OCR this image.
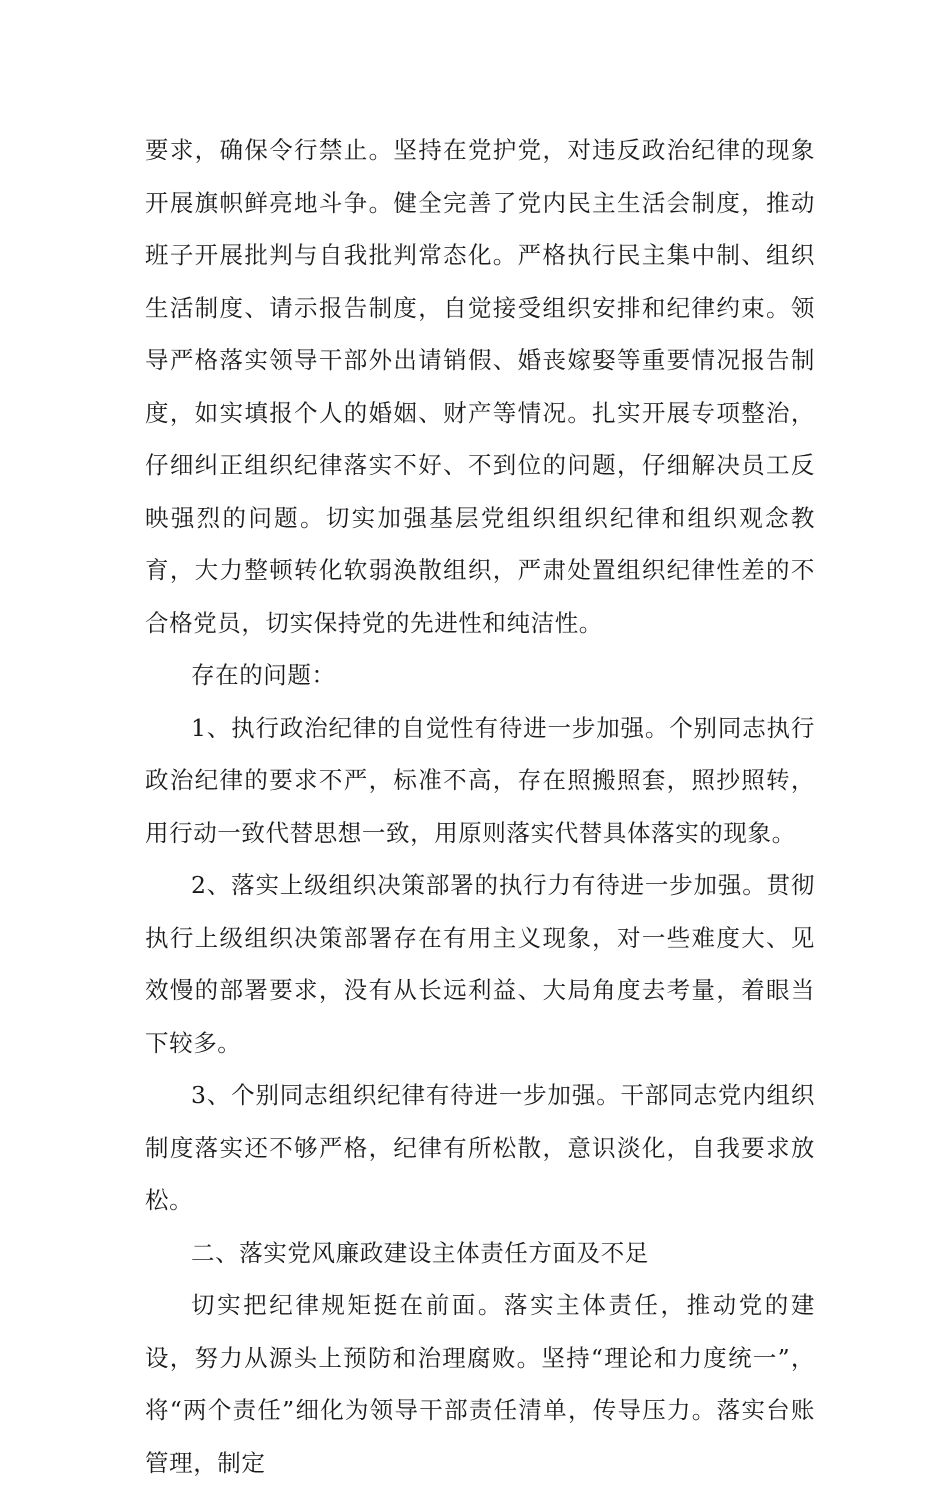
要求，确保令行禁止。坚持在党护党，对违反政治纪律的现象开展旗帜鲜亮地斗争。健全完善了党内民主生活会制度，推动班子开展批判与自我批判常态化。严格执行民主集中制、组织生活制度、请示报告制度，自觉接受组织安排和纪律约束。领导严格落实领导干部外出请销假、婚丧嫁娶等重要情况报告制度，如实填报个人的婚姻、财产等情况。扎实开展专项整治，仔细纠正组织纪律落实不好、不到位的问题，仔细解决员工反映强烈的问题。切实加强基层党组织组织纪律和组织观念教育，大力整顿转化软弱涣散组织，严肃处置组织纪律性差的不合格党员，切实保持党的先进性和纯洁性。

存在的问题：

1、执行政治纪律的自觉性有待进一步加强。个别同志执行政治纪律的要求不严，标准不高，存在照搬照套，照抄照转，用行动一致代替思想一致，用原则落实代替具体落实的现象。

2、落实上级组织决策部署的执行力有待进一步加强。贯彻执行上级组织决策部署存在有用主义现象，对一些难度大、见效慢的部署要求，没有从长远利益、大局角度去考量，着眼当下较多。

3、个别同志组织纪律有待进一步加强。干部同志党内组织制度落实还不够严格，纪律有所松散，意识淡化，自我要求放松。

二、落实党风廉政建设主体责任方面及不足

切实把纪律规矩挺在前面。落实主体责任，推动党的建设，努力从源头上预防和治理腐败。坚持“理论和力度统一”，将“两个责任”细化为领导干部责任清单，传导压力。落实台账管理，制定
